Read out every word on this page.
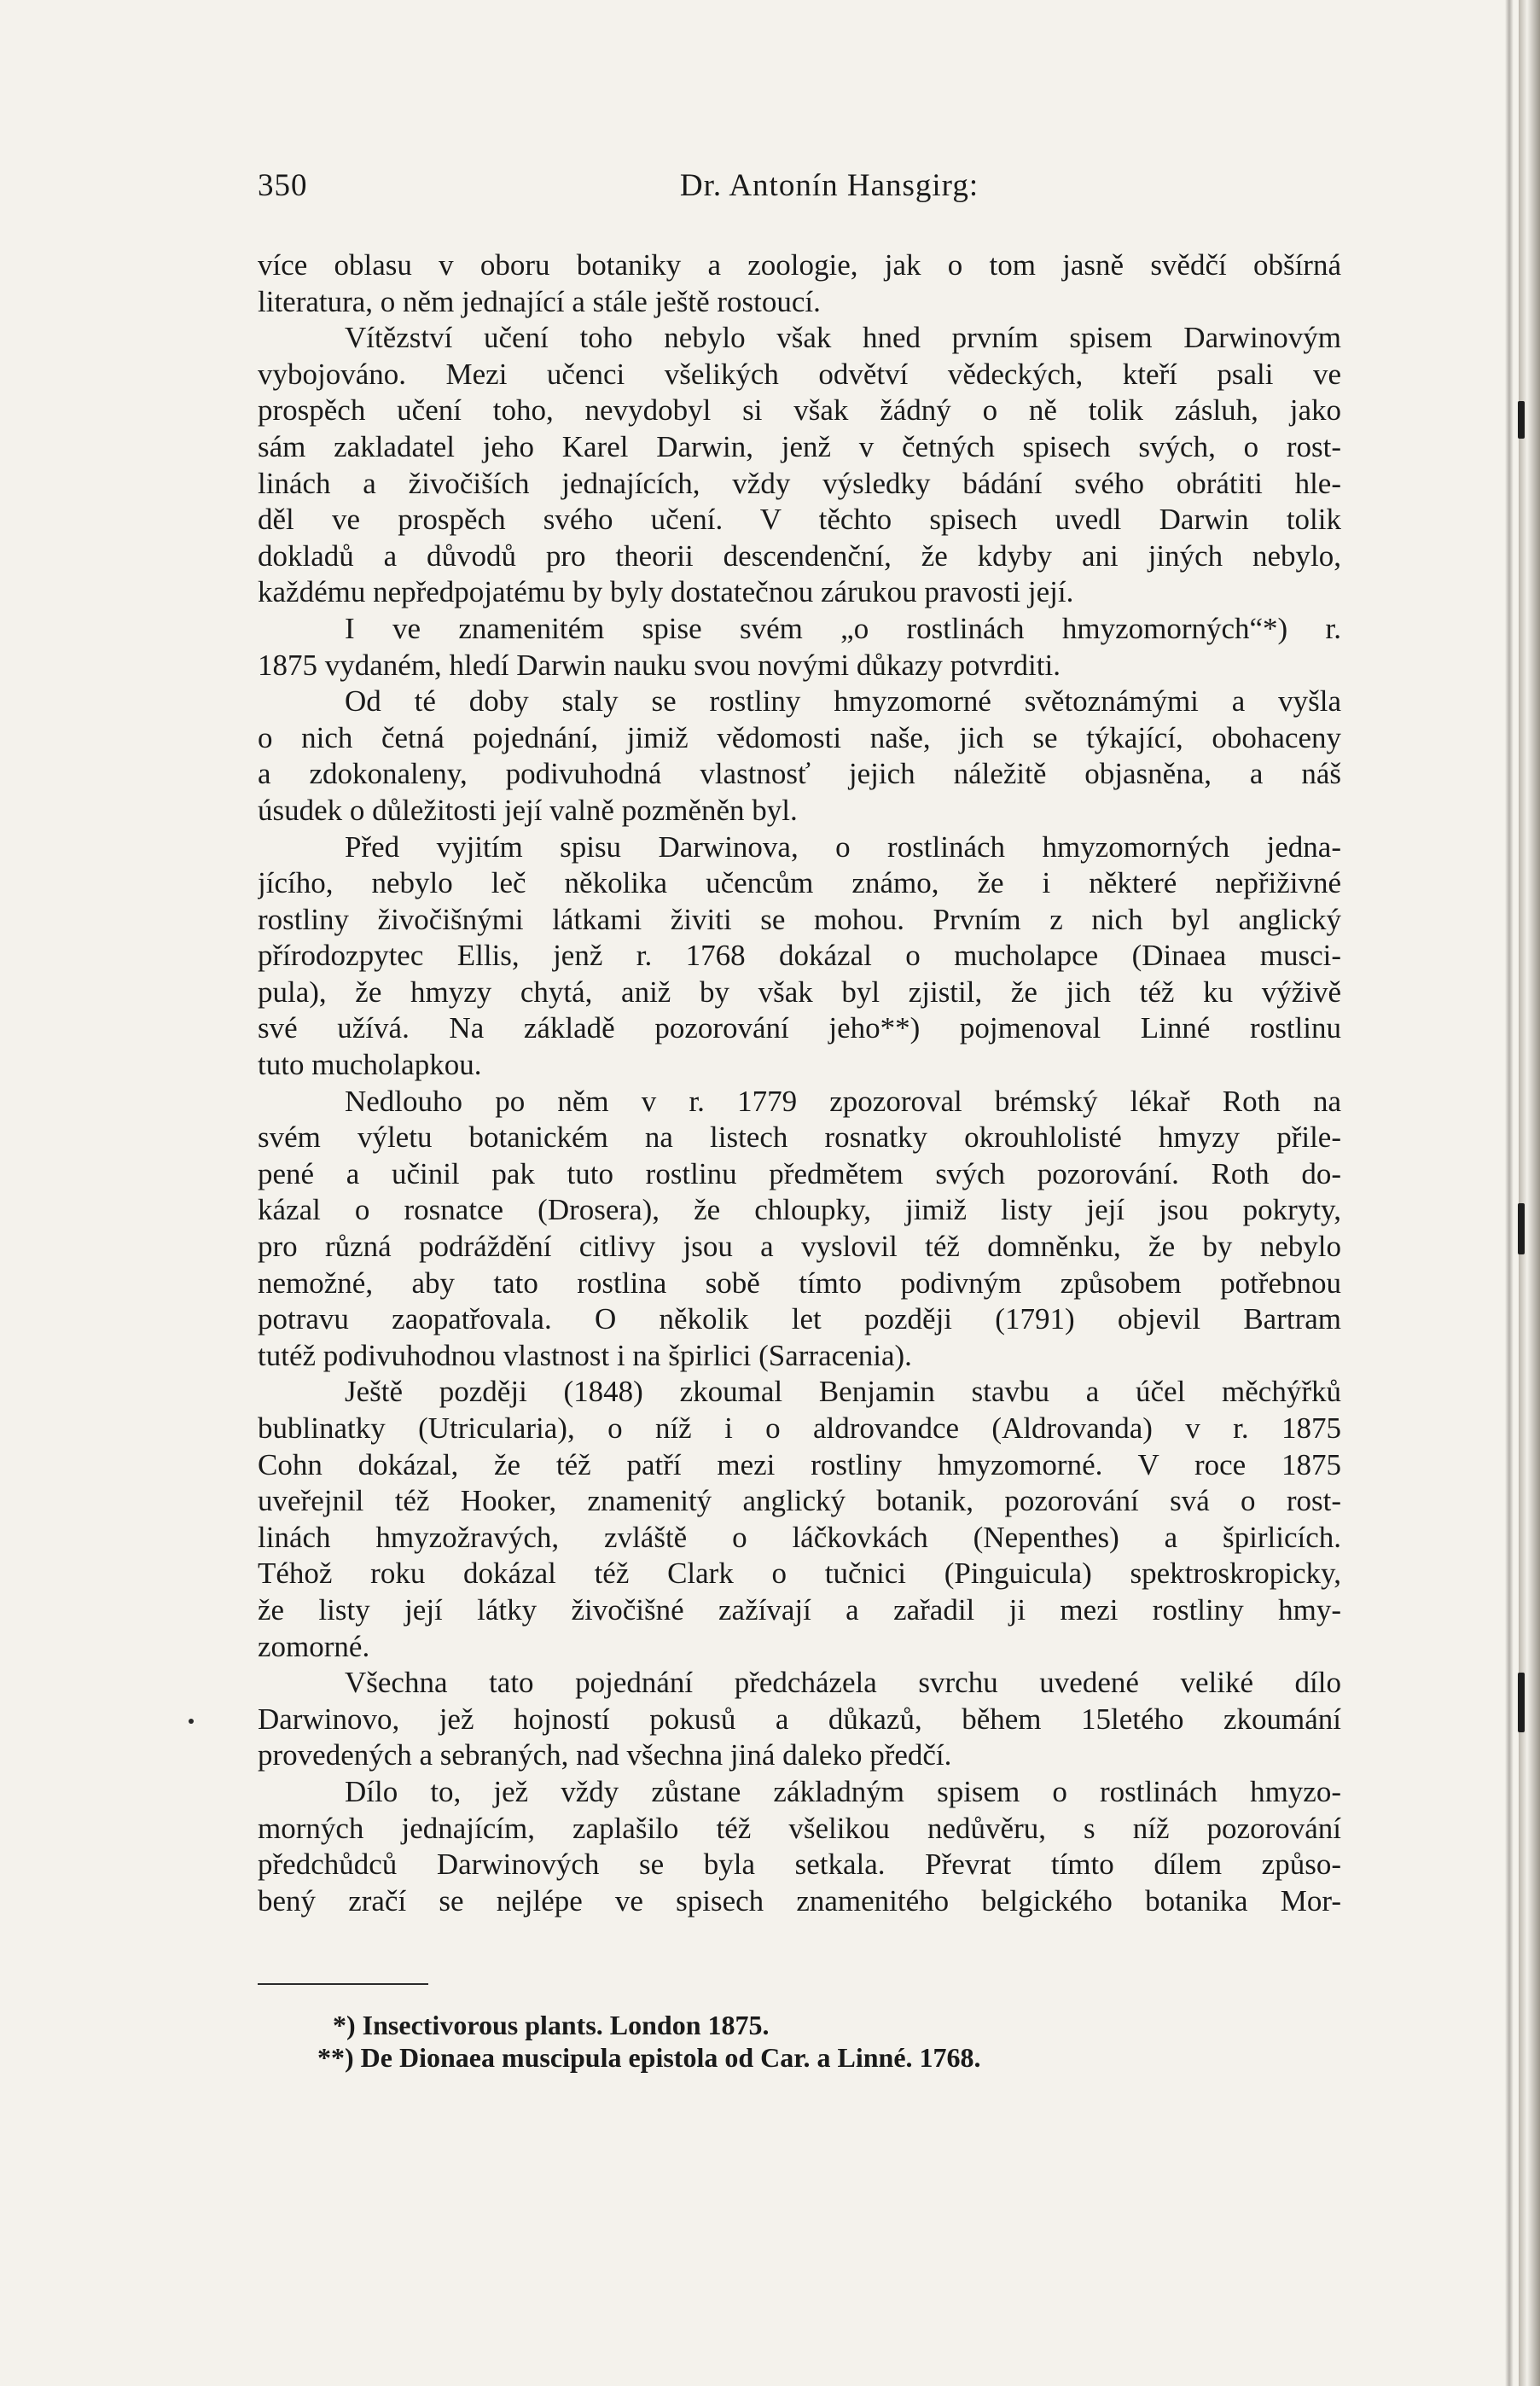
350	Dr. Antonín Hansgirg:
více oblasu v oboru botaniky a zoologie, jak o tom jasně svědčí obšírná
literatura, o něm jednající a stále ještě rostoucí.
Vítězství učení toho nebylo však hned prvním spisem Darwinovým
vybojováno. Mezi učenci všelikých odvětví vědeckých, kteří psali ve
prospěch učení toho, nevydobyl si však žádný o ně tolik zásluh, jako
sám zakladatel jeho Karel Darwin, jenž v četných spisech svých, o rost-
linách a živočiších jednajících, vždy výsledky bádání svého obrátiti hle-
děl ve prospěch svého učení. V těchto spisech uvedl Darwin tolik
dokladů a důvodů pro theorii descendenční, že kdyby ani jiných nebylo,
každému nepředpojatému by byly dostatečnou zárukou pravosti její.
I ve znamenitém spise svém „o rostlinách hmyzomorných“*) r.
1875 vydaném, hledí Darwin nauku svou novými důkazy potvrditi.
Od té doby staly se rostliny hmyzomorné světoznámými a vyšla
o nich četná pojednání, jimiž vědomosti naše, jich se týkající, obohaceny
a zdokonaleny, podivuhodná vlastnosť jejich náležitě objasněna, a náš
úsudek o důležitosti její valně pozměněn byl.
Před vyjitím spisu Darwinova, o rostlinách hmyzomorných jedna-
jícího, nebylo leč několika učencům známo, že i některé nepřiživné
rostliny živočišnými látkami živiti se mohou. Prvním z nich byl anglický
přírodozpytec Ellis, jenž r. 1768 dokázal o mucholapce (Dinaea musci-
pula), že hmyzy chytá, aniž by však byl zjistil, že jich též ku výživě
své užívá. Na základě pozorování jeho**) pojmenoval Linné rostlinu
tuto mucholapkou.
Nedlouho po něm v r. 1779 zpozoroval brémský lékař Roth na
svém výletu botanickém na listech rosnatky okrouhlolisté hmyzy přile-
pené a učinil pak tuto rostlinu předmětem svých pozorování. Roth do-
kázal o rosnatce (Drosera), že chloupky, jimiž listy její jsou pokryty,
pro různá podráždění citlivy jsou a vyslovil též domněnku, že by nebylo
nemožné, aby tato rostlina sobě tímto podivným způsobem potřebnou
potravu zaopatřovala. O několik let později (1791) objevil Bartram
tutéž podivuhodnou vlastnost i na špirlici (Sarracenia).
Ještě později (1848) zkoumal Benjamin stavbu a účel měchýřků
bublinatky (Utricularia), o níž i o aldrovandce (Aldrovanda) v r. 1875
Cohn dokázal, že též patří mezi rostliny hmyzomorné. V roce 1875
uveřejnil též Hooker, znamenitý anglický botanik, pozorování svá o rost-
linách hmyzožravých, zvláště o láčkovkách (Nepenthes) a špirlicích.
Téhož roku dokázal též Clark o tučnici (Pinguicula) spektroskropicky,
že listy její látky živočišné zažívají a zařadil ji mezi rostliny hmy-
zomorné.
Všechna tato pojednání předcházela svrchu uvedené veliké dílo
Darwinovo, jež hojností pokusů a důkazů, během 15letého zkoumání
provedených a sebraných, nad všechna jiná daleko předčí.
Dílo to, jež vždy zůstane základným spisem o rostlinách hmyzo-
morných jednajícím, zaplašilo též všelikou nedůvěru, s níž pozorování
předchůdců Darwinových se byla setkala. Převrat tímto dílem způso-
bený zračí se nejlépe ve spisech znamenitého belgického botanika Mor-
*) Insectivorous plants. London 1875.
**) De Dionaea muscipula epistola od Car. a Linné. 1768.
